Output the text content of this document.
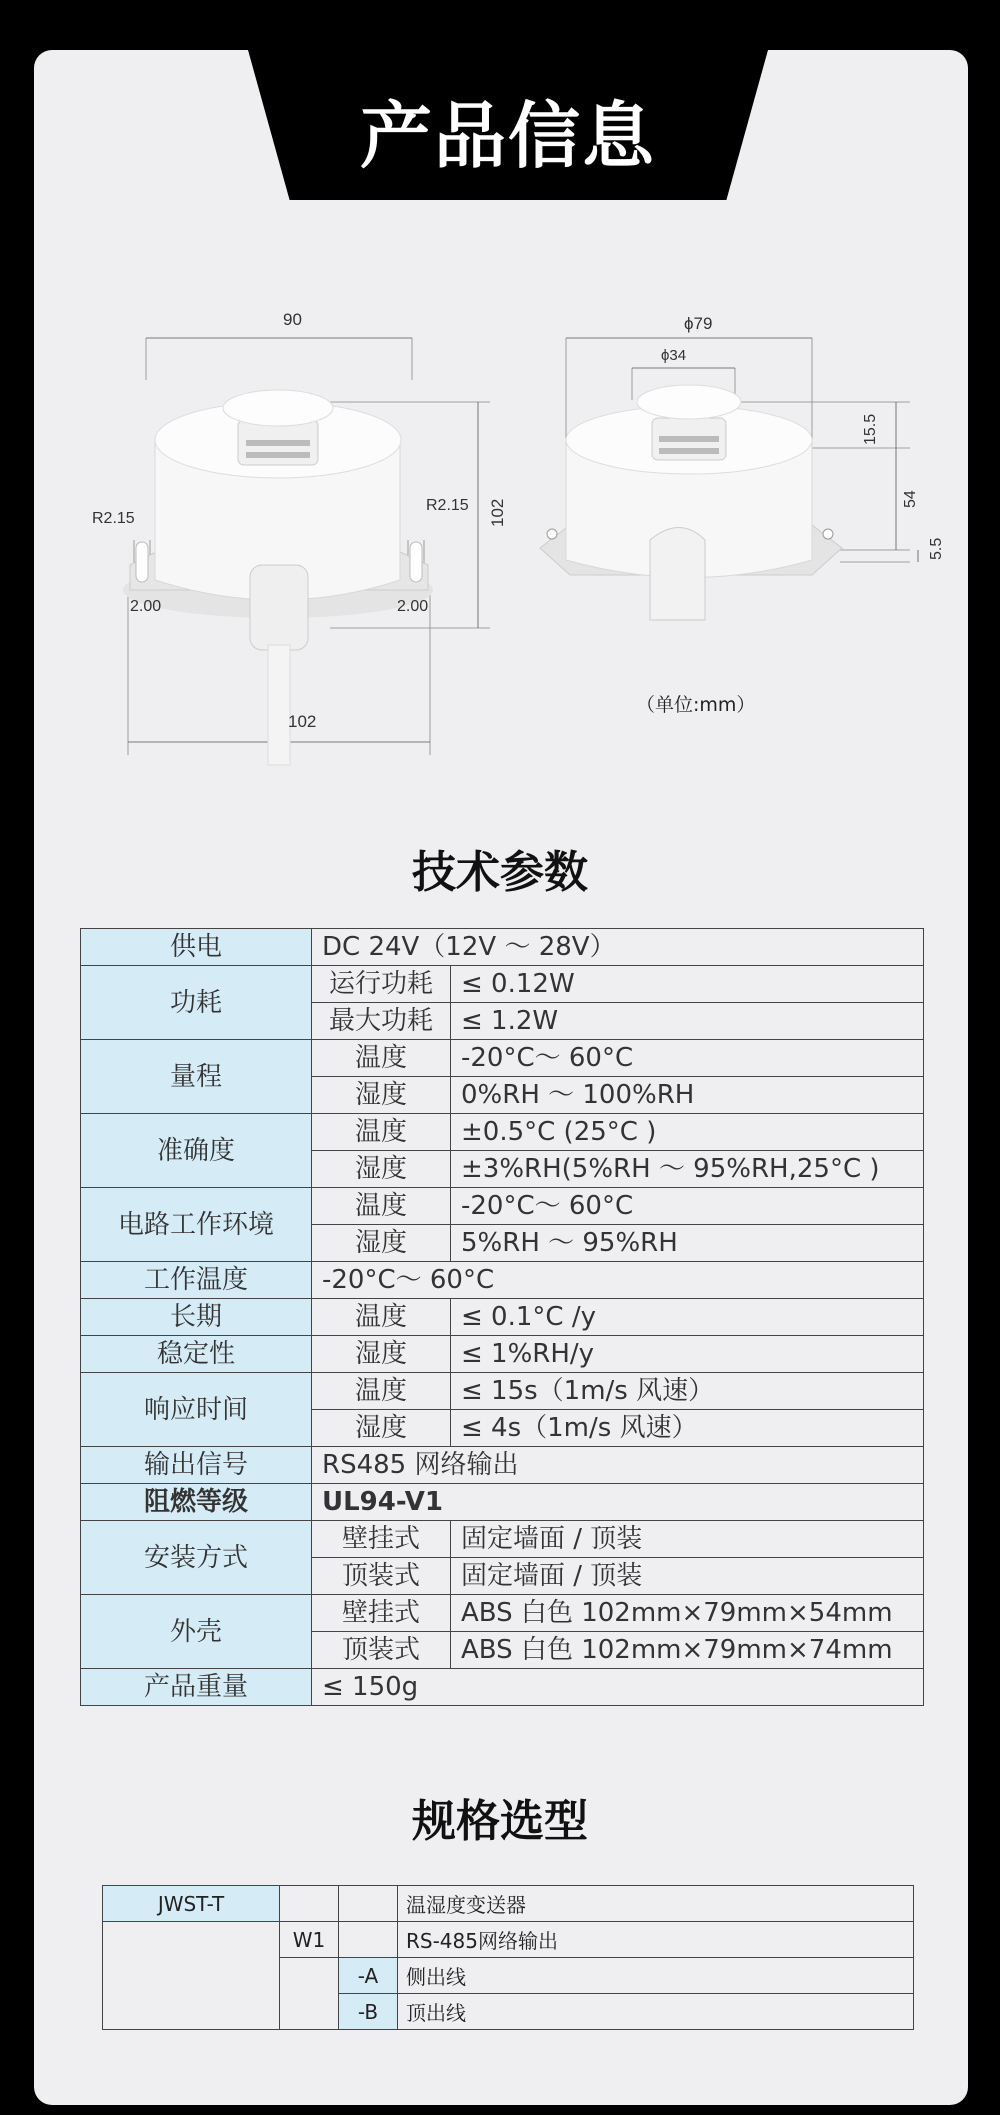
产品信息
90
R2.15
R2.15
2.00	2.00
102
102
ϕ79
ϕ34
15.5
54
5.5
（单位:mm）
技术参数
供电	DC 24V（12V ～ 28V）	
功耗	运行功耗	≤ 0.12W
	最大功耗	≤ 1.2W
量程	温度	-20°C～ 60°C
	湿度	0%RH ～ 100%RH
准确度	温度	±0.5°C (25°C )
	湿度	±3%RH(5%RH ～ 95%RH,25°C )
电路工作环境	温度	-20°C～ 60°C
	湿度	5%RH ～ 95%RH
工作温度	-20°C～ 60°C	
长期	温度	≤ 0.1°C /y
稳定性	湿度	≤ 1%RH/y
响应时间	温度	≤ 15s（1m/s 风速）
	湿度	≤ 4s（1m/s 风速）
输出信号	RS485 网络输出	
阻燃等级	UL94-V1	
安装方式	壁挂式	固定墙面 / 顶装
	顶装式	固定墙面 / 顶装
外壳	壁挂式	ABS 白色 102mm×79mm×54mm
	顶装式	ABS 白色 102mm×79mm×74mm
产品重量	≤ 150g	
规格选型
JWST-T			温湿度变送器
	W1		RS-485网络输出
		-A	侧出线
		-B	顶出线
